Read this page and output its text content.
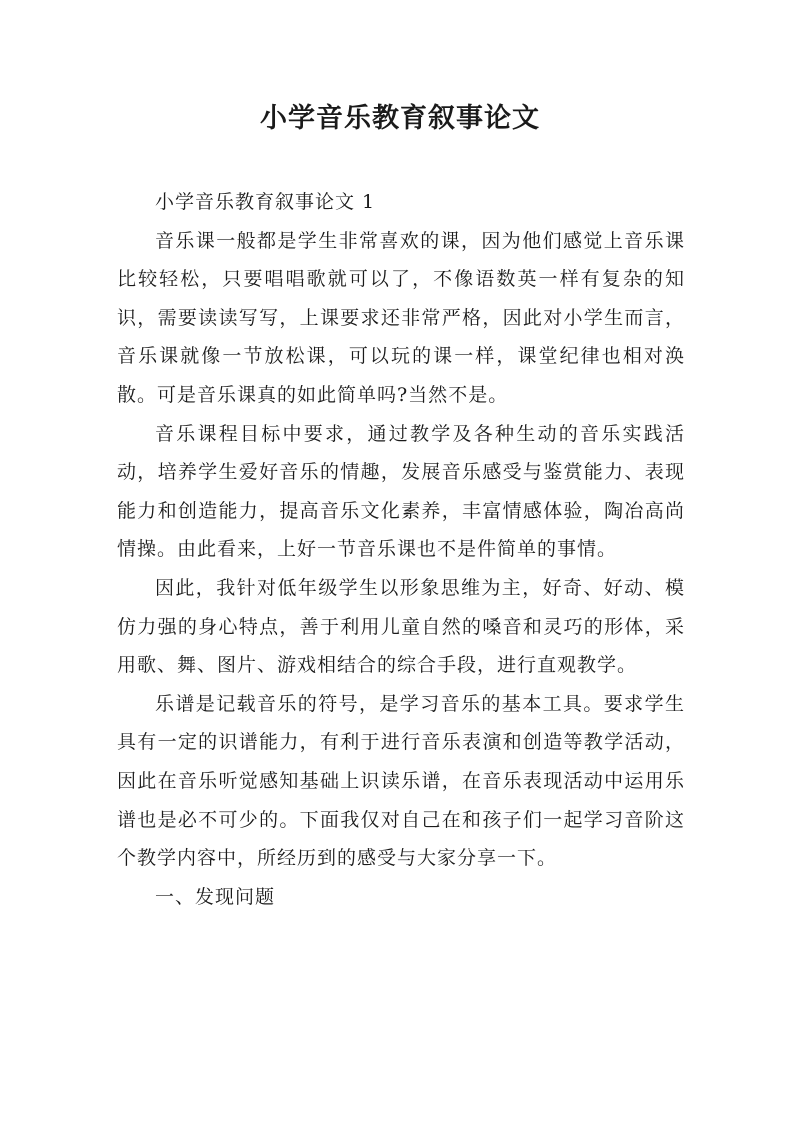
小学音乐教育叙事论文

小学音乐教育叙事论文 1

音乐课一般都是学生非常喜欢的课，因为他们感觉上音乐课比较轻松，只要唱唱歌就可以了，不像语数英一样有复杂的知识，需要读读写写，上课要求还非常严格，因此对小学生而言，音乐课就像一节放松课，可以玩的课一样，课堂纪律也相对涣散。可是音乐课真的如此简单吗?当然不是。

音乐课程目标中要求，通过教学及各种生动的音乐实践活动，培养学生爱好音乐的情趣，发展音乐感受与鉴赏能力、表现能力和创造能力，提高音乐文化素养，丰富情感体验，陶冶高尚情操。由此看来，上好一节音乐课也不是件简单的事情。

因此，我针对低年级学生以形象思维为主，好奇、好动、模仿力强的身心特点，善于利用儿童自然的嗓音和灵巧的形体，采用歌、舞、图片、游戏相结合的综合手段，进行直观教学。

乐谱是记载音乐的符号，是学习音乐的基本工具。要求学生具有一定的识谱能力，有利于进行音乐表演和创造等教学活动，因此在音乐听觉感知基础上识读乐谱，在音乐表现活动中运用乐谱也是必不可少的。下面我仅对自己在和孩子们一起学习音阶这个教学内容中，所经历到的感受与大家分享一下。

一、发现问题
